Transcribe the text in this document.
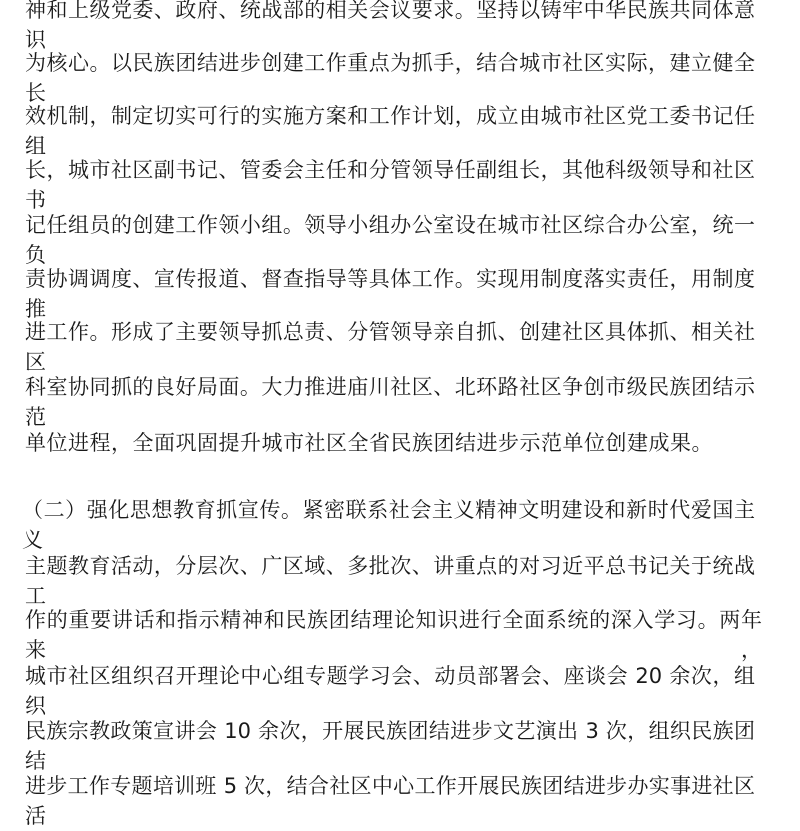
神和上级党委、政府、统战部的相关会议要求。坚持以铸牢中华民族共同体意识
为核心。以民族团结进步创建工作重点为抓手，结合城市社区实际，建立健全长
效机制，制定切实可行的实施方案和工作计划，成立由城市社区党工委书记任组
长，城市社区副书记、管委会主任和分管领导任副组长，其他科级领导和社区书
记任组员的创建工作领小组。领导小组办公室设在城市社区综合办公室，统一负
责协调调度、宣传报道、督查指导等具体工作。实现用制度落实责任，用制度推
进工作。形成了主要领导抓总责、分管领导亲自抓、创建社区具体抓、相关社区
科室协同抓的良好局面。大力推进庙川社区、北环路社区争创市级民族团结示范
单位进程，全面巩固提升城市社区全省民族团结进步示范单位创建成果。
（二）强化思想教育抓宣传。紧密联系社会主义精神文明建设和新时代爱国主义
主题教育活动，分层次、广区域、多批次、讲重点的对习近平总书记关于统战工
作的重要讲话和指示精神和民族团结理论知识进行全面系统的深入学习。两年来，
城市社区组织召开理论中心组专题学习会、动员部署会、座谈会 20 余次，组织
民族宗教政策宣讲会 10 余次，开展民族团结进步文艺演出 3 次，组织民族团结
进步工作专题培训班 5 次，结合社区中心工作开展民族团结进步办实事进社区活
